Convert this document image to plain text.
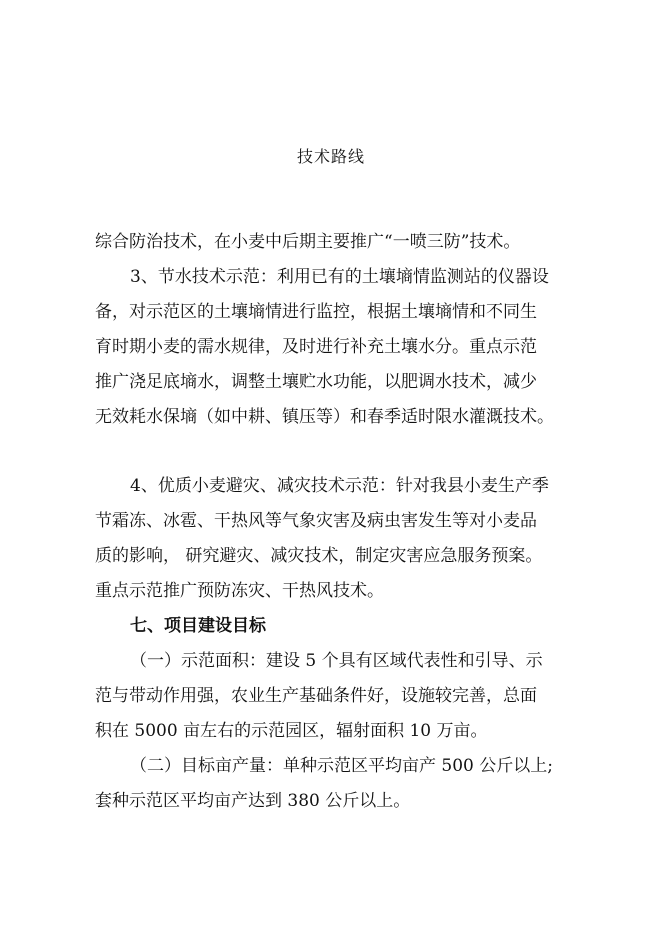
技术路线
综合防治技术，在小麦中后期主要推广“一喷三防”技术。
3、节水技术示范：利用已有的土壤墒情监测站的仪器设
备，对示范区的土壤墒情进行监控，根据土壤墒情和不同生
育时期小麦的需水规律，及时进行补充土壤水分。重点示范
推广浇足底墒水，调整土壤贮水功能，以肥调水技术，减少
无效耗水保墒（如中耕、镇压等）和春季适时限水灌溉技术。
4、优质小麦避灾、减灾技术示范：针对我县小麦生产季
节霜冻、冰雹、干热风等气象灾害及病虫害发生等对小麦品
质的影响， 研究避灾、减灾技术，制定灾害应急服务预案。
重点示范推广预防冻灾、干热风技术。
七、项目建设目标
（一）示范面积：建设 5 个具有区域代表性和引导、示
范与带动作用强，农业生产基础条件好，设施较完善，总面
积在 5000 亩左右的示范园区，辐射面积 10 万亩。
（二）目标亩产量：单种示范区平均亩产 500 公斤以上;
套种示范区平均亩产达到 380 公斤以上。
